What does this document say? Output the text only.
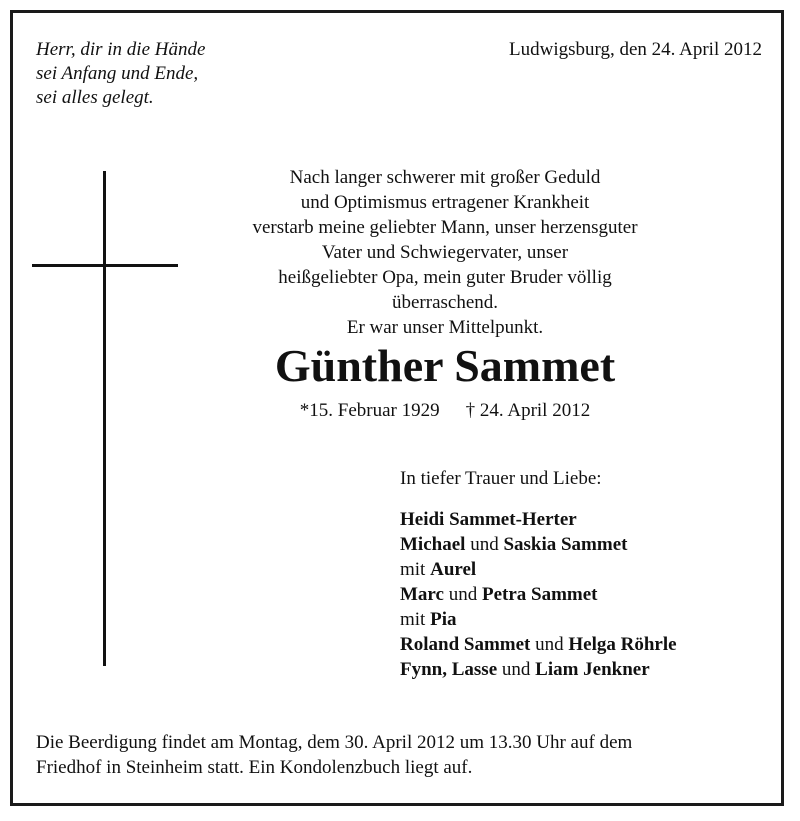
Herr, dir in die Hände
sei Anfang und Ende,
sei alles gelegt.
Ludwigsburg, den 24. April 2012
Nach langer schwerer mit großer Geduld
und Optimismus ertragener Krankheit
verstarb meine geliebter Mann, unser herzensguter
Vater und Schwiegervater, unser
heißgeliebter Opa, mein guter Bruder völlig
überraschend.
Er war unser Mittelpunkt.
Günther Sammet
*15. Februar 1929 † 24. April 2012
In tiefer Trauer und Liebe:
Heidi Sammet-Herter
Michael und Saskia Sammet
mit Aurel
Marc und Petra Sammet
mit Pia
Roland Sammet und Helga Röhrle
Fynn, Lasse und Liam Jenkner
Die Beerdigung findet am Montag, dem 30. April 2012 um 13.30 Uhr auf dem
Friedhof in Steinheim statt. Ein Kondolenzbuch liegt auf.
